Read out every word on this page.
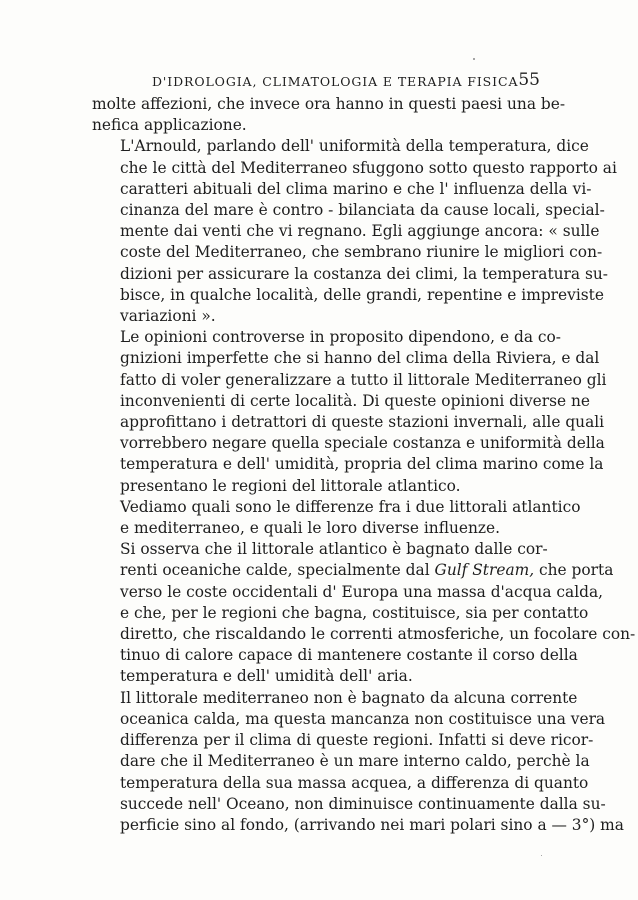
D'IDROLOGIA, CLIMATOLOGIA E TERAPIA FISICA 55
molte affezioni, che invece ora hanno in questi paesi una be-
nefica applicazione.
L'Arnould, parlando dell' uniformità della temperatura, dice
che le città del Mediterraneo sfuggono sotto questo rapporto ai
caratteri abituali del clima marino e che l' influenza della vi-
cinanza del mare è contro - bilanciata da cause locali, special-
mente dai venti che vi regnano. Egli aggiunge ancora: « sulle
coste del Mediterraneo, che sembrano riunire le migliori con-
dizioni per assicurare la costanza dei climi, la temperatura su-
bisce, in qualche località, delle grandi, repentine e impreviste
variazioni ».
Le opinioni controverse in proposito dipendono, e da co-
gnizioni imperfette che si hanno del clima della Riviera, e dal
fatto di voler generalizzare a tutto il littorale Mediterraneo gli
inconvenienti di certe località. Di queste opinioni diverse ne
approfittano i detrattori di queste stazioni invernali, alle quali
vorrebbero negare quella speciale costanza e uniformità della
temperatura e dell' umidità, propria del clima marino come la
presentano le regioni del littorale atlantico.
Vediamo quali sono le differenze fra i due littorali atlantico
e mediterraneo, e quali le loro diverse influenze.
Si osserva che il littorale atlantico è bagnato dalle cor-
renti oceaniche calde, specialmente dal Gulf Stream, che porta
verso le coste occidentali d' Europa una massa d'acqua calda,
e che, per le regioni che bagna, costituisce, sia per contatto
diretto, che riscaldando le correnti atmosferiche, un focolare con-
tinuo di calore capace di mantenere costante il corso della
temperatura e dell' umidità dell' aria.
Il littorale mediterraneo non è bagnato da alcuna corrente
oceanica calda, ma questa mancanza non costituisce una vera
differenza per il clima di queste regioni. Infatti si deve ricor-
dare che il Mediterraneo è un mare interno caldo, perchè la
temperatura della sua massa acquea, a differenza di quanto
succede nell' Oceano, non diminuisce continuamente dalla su-
perficie sino al fondo, (arrivando nei mari polari sino a — 3°) ma
